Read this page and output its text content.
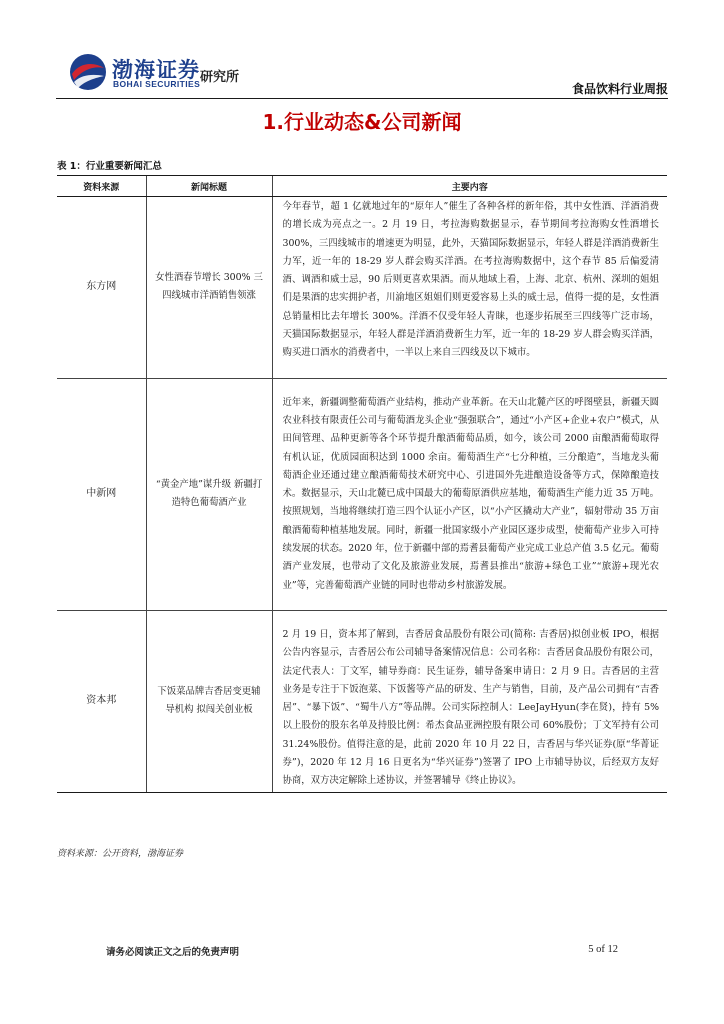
渤海证券
BOHAI SECURITIES 研究所
食品饮料行业周报
1.行业动态&公司新闻
表 1：行业重要新闻汇总
资料来源	新闻标题	主要内容
东方网	女性酒春节增长 300% 三四线城市洋酒销售领涨	今年春节，超 1 亿就地过年的“原年人”催生了各种各样的新年俗，其中女性酒、洋酒消费的增长成为亮点之一。2 月 19 日，考拉海购数据显示，春节期间考拉海购女性酒增长 300%，三四线城市的增速更为明显，此外，天猫国际数据显示，年轻人群是洋酒消费新生力军，近一年的 18-29 岁人群会购买洋酒。在考拉海购数据中，这个春节 85 后偏爱清酒、调酒和威士忌，90 后则更喜欢果酒。而从地域上看，上海、北京、杭州、深圳的姐姐们是果酒的忠实拥护者，川渝地区姐姐们则更爱容易上头的威士忌，值得一提的是，女性酒总销量相比去年增长 300%。洋酒不仅受年轻人青睐，也逐步拓展至三四线等广泛市场，天猫国际数据显示，年轻人群是洋酒消费新生力军，近一年的 18-29 岁人群会购买洋酒，购买进口酒水的消费者中，一半以上来自三四线及以下城市。

中新网	“黄金产地”谋升级 新疆打造特色葡萄酒产业	近年来，新疆调整葡萄酒产业结构，推动产业革新。在天山北麓产区的呼图壁县，新疆天圆农业科技有限责任公司与葡萄酒龙头企业“强强联合”，通过“小产区+企业+农户”模式，从田间管理、品种更新等各个环节提升酿酒葡萄品质，如今，该公司 2000 亩酿酒葡萄取得有机认证，优质园面积达到 1000 余亩。葡萄酒生产“七分种植，三分酿造”，当地龙头葡萄酒企业还通过建立酿酒葡萄技术研究中心、引进国外先进酿造设备等方式，保障酿造技术。数据显示，天山北麓已成中国最大的葡萄原酒供应基地，葡萄酒生产能力近 35 万吨。按照规划，当地将继续打造三四个认证小产区，以“小产区撬动大产业”，辐射带动 35 万亩酿酒葡萄种植基地发展。同时，新疆一批国家级小产业园区逐步成型，使葡萄产业步入可持续发展的状态。2020 年，位于新疆中部的焉耆县葡萄产业完成工业总产值 3.5 亿元。葡萄酒产业发展，也带动了文化及旅游业发展，焉耆县推出“旅游+绿色工业”“旅游+现光农业”等，完善葡萄酒产业链的同时也带动乡村旅游发展。

资本邦	下饭菜品牌吉香居变更辅导机构 拟闯关创业板	2 月 19 日，资本邦了解到，吉香居食品股份有限公司(简称: 吉香居)拟创业板 IPO，根据公告内容显示，吉香居公布公司辅导备案情况信息：公司名称：吉香居食品股份有限公司，法定代表人：丁文军，辅导券商：民生证券，辅导备案申请日：2 月 9 日。吉香居的主营业务是专注于下饭泡菜、下饭酱等产品的研发、生产与销售，目前，及产品公司拥有“吉香居”、“暴下饭”、“蜀牛八方”等品牌。公司实际控制人：LeeJayHyun(李在贤)，持有 5%以上股份的股东名单及持股比例：希杰食品亚洲控股有限公司 60%股份；丁文军持有公司 31.24%股份。值得注意的是，此前 2020 年 10 月 22 日，吉香居与华兴证券(原“华菁证券”)，2020 年 12 月 16 日更名为“华兴证券”)签署了 IPO 上市辅导协议，后经双方友好协商，双方决定解除上述协议，并签署辅导《终止协议》。
资料来源：公开资料，渤海证券
请务必阅读正文之后的免责声明	5 of 12
